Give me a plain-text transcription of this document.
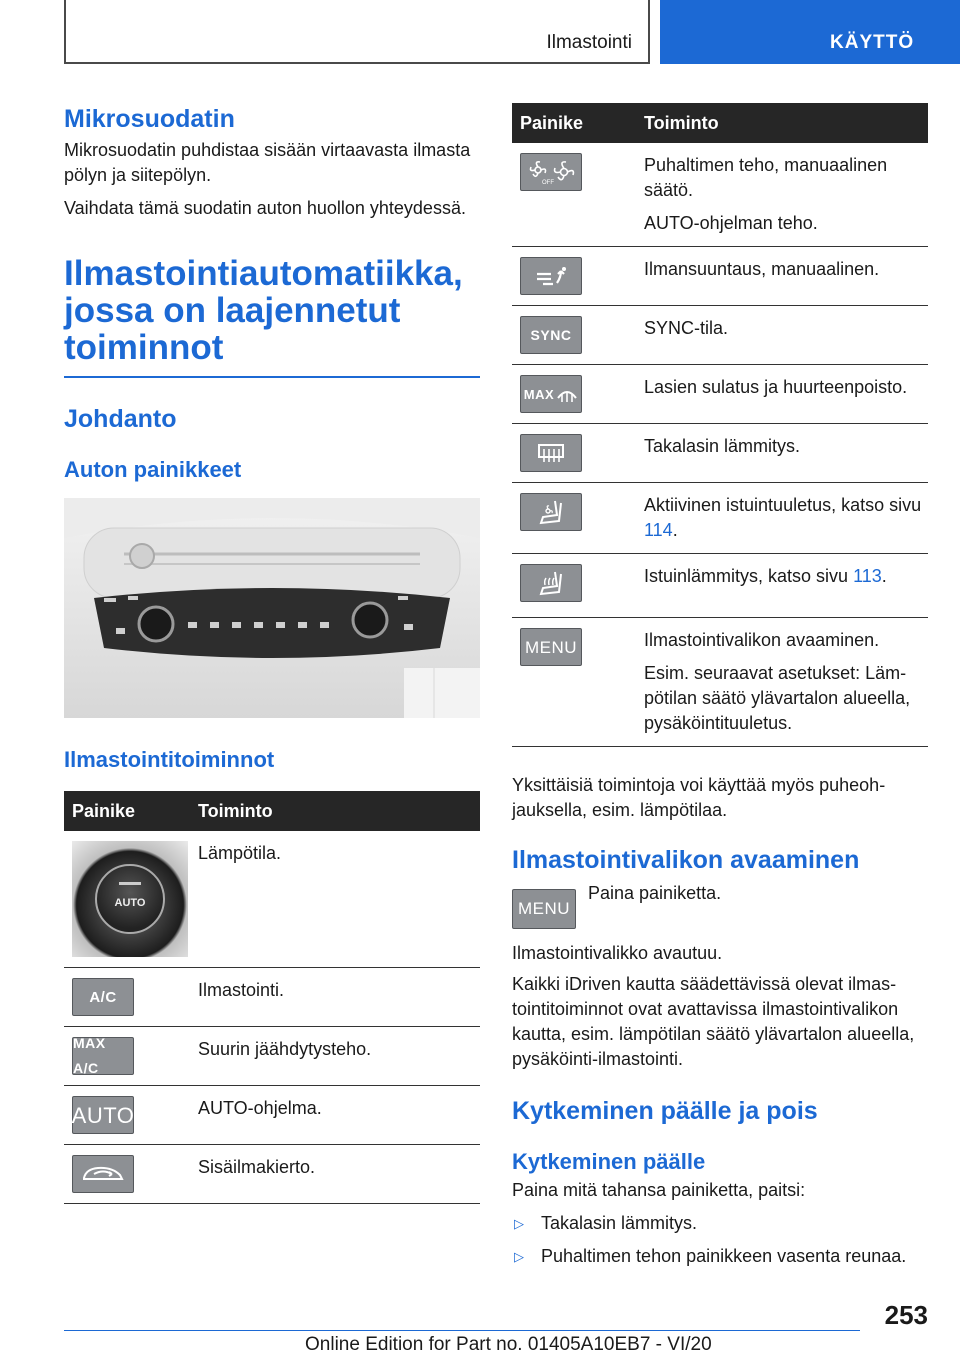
Ilmastointi	KÄYTTÖ
Mikrosuodatin

Mikrosuodatin puhdistaa sisään virtaavasta ilmasta pölyn ja siitepölyn.

Vaihdata tämä suodatin auton huollon yhteydessä.

Ilmastointiautomatiikka, jossa on laajennetut toiminnot
Johdanto
Auton painikkeet
Ilmastointitoiminnot
Painike	Toiminto

AUTO	Lämpötila.

A/C	Ilmastointi.

MAX A/C	Suurin jäähdytysteho.

AUTO	AUTO-ohjelma.

	Sisäilmakierto.
Painike	Toiminto

OFF	Puhaltimen teho, manuaalinen säätö.
AUTO-ohjelman teho.

	Ilmansuuntaus, manuaalinen.

SYNC	SYNC-tila.

MAX	Lasien sulatus ja huurteenpoisto.

	Takalasin lämmitys.

	Aktiivinen istuintuuletus, katso sivu 114.

	Istuinlämmitys, katso sivu 113.

MENU	Ilmastointivalikon avaaminen.
Esim. seuraavat asetukset: Lämpötilan säätö ylävartalon alueella, pysäköintituuletus.

Yksittäisiä toimintoja voi käyttää myös puheohjauksella, esim. lämpötilaa.

Ilmastointivalikon avaaminen
MENU
Paina painiketta.

Ilmastointivalikko avautuu.

Kaikki iDriven kautta säädettävissä olevat ilmastointitoiminnot ovat avattavissa ilmastointivalikon kautta, esim. lämpötilan säätö ylävartalon alueella, pysäköinti-ilmastointi.

Kytkeminen päälle ja pois
Kytkeminen päälle

Paina mitä tahansa painiketta, paitsi:

▷ Takalasin lämmitys.
▷ Puhaltimen tehon painikkeen vasenta reunaa.
253
Online Edition for Part no. 01405A10EB7 - VI/20
